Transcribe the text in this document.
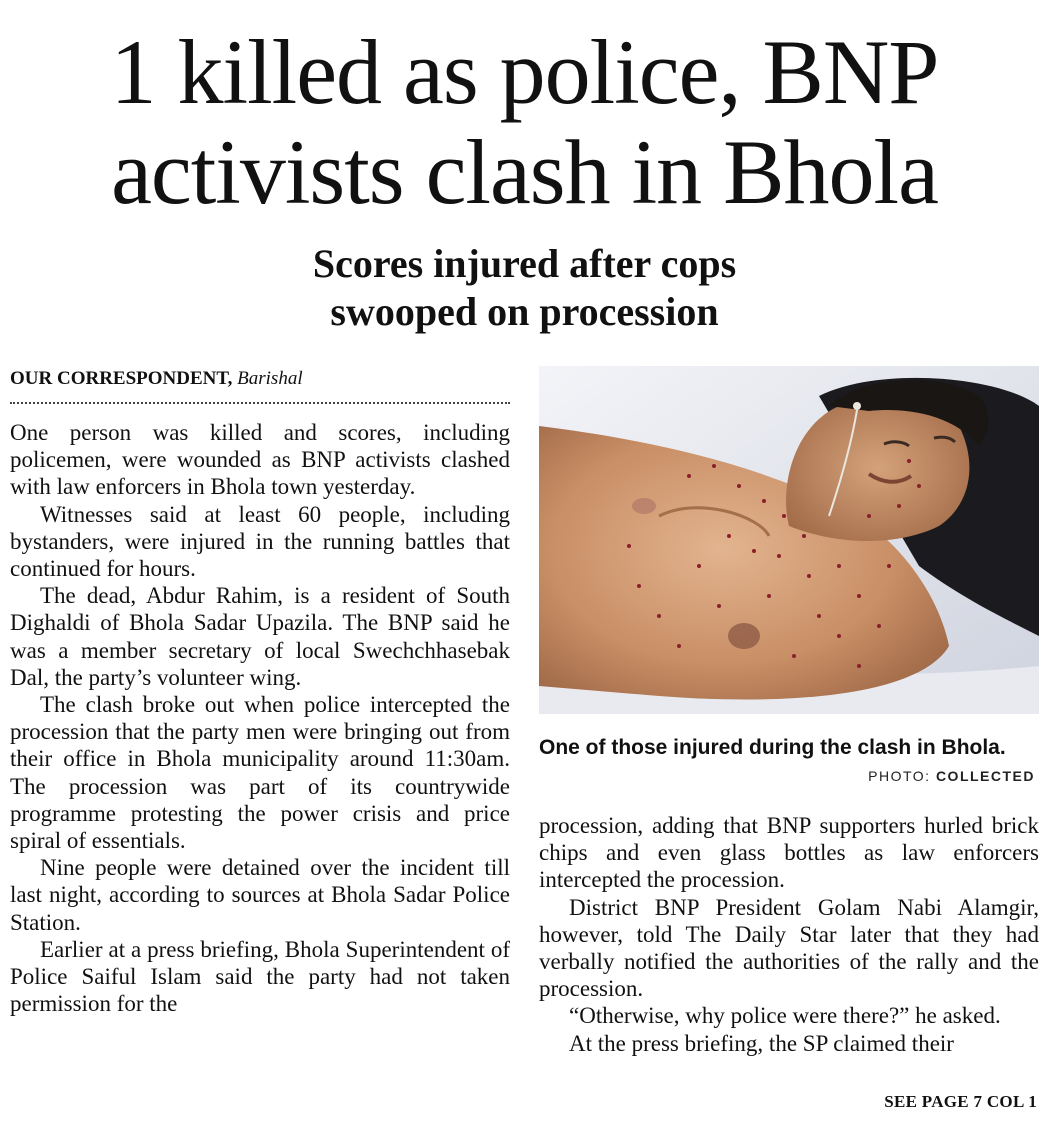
1 killed as police, BNP
activists clash in Bhola
Scores injured after cops
swooped on procession
OUR CORRESPONDENT, Barishal

One person was killed and scores, including policemen, were wounded as BNP activists clashed with law enforcers in Bhola town yesterday.

Witnesses said at least 60 people, including bystanders, were injured in the running battles that continued for hours.

The dead, Abdur Rahim, is a resident of South Dighaldi of Bhola Sadar Upazila. The BNP said he was a member secretary of local Swechchhasebak Dal, the party’s volunteer wing.

The clash broke out when police intercepted the procession that the party men were bringing out from their office in Bhola municipality around 11:30am. The procession was part of its countrywide programme protesting the power crisis and price spiral of essentials.

Nine people were detained over the incident till last night, according to sources at Bhola Sadar Police Station.

Earlier at a press briefing, Bhola Superintendent of Police Saiful Islam said the party had not taken permission for the

One of those injured during the clash in Bhola.
PHOTO: COLLECTED

procession, adding that BNP supporters hurled brick chips and even glass bottles as law enforcers intercepted the procession.

District BNP President Golam Nabi Alamgir, however, told The Daily Star later that they had verbally notified the authorities of the rally and the procession.

“Otherwise, why police were there?” he asked.

At the press briefing, the SP claimed their

SEE PAGE 7 COL 1
